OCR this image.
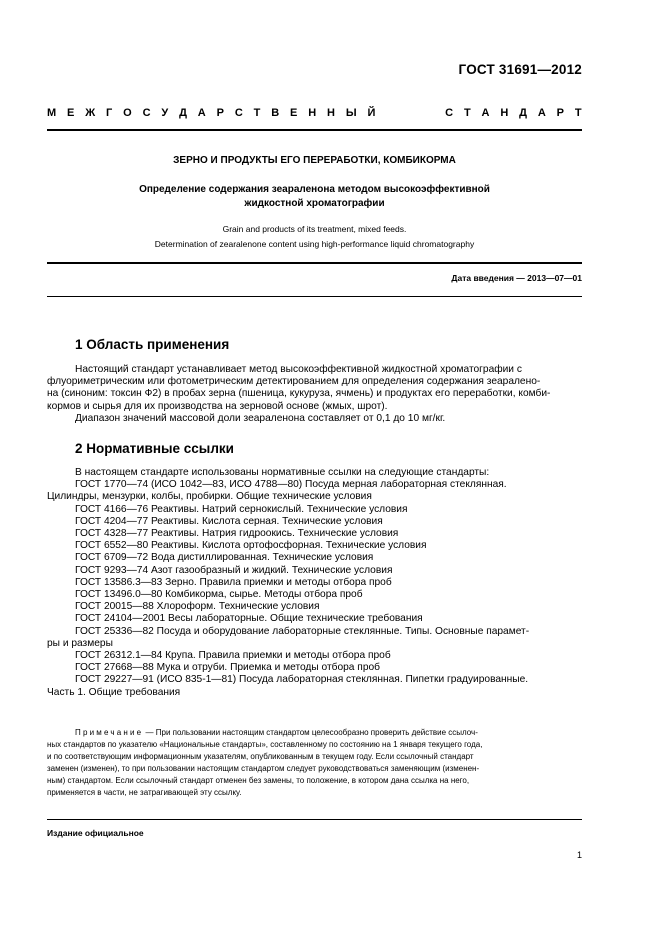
ГОСТ 31691—2012
М Е Ж Г О С У Д А Р С Т В Е Н Н Ы Й	С Т А Н Д А Р Т
ЗЕРНО И ПРОДУКТЫ ЕГО ПЕРЕРАБОТКИ, КОМБИКОРМА
Определение содержания зеараленона методом высокоэффективной
жидкостной хроматографии
Grain and products of its treatment, mixed feeds.
Determination of zearalenone content using high-performance liquid chromatography
Дата введения — 2013—07—01
1 Область применения
Настоящий стандарт устанавливает метод высокоэффективной жидкостной хроматографии с
флуориметрическим или фотометрическим детектированием для определения содержания зеаралено-
на (синоним: токсин Ф2) в пробах зерна (пшеница, кукуруза, ячмень) и продуктах его переработки, комби-
кормов и сырья для их производства на зерновой основе (жмых, шрот).
Диапазон значений массовой доли зеараленона составляет от 0,1 до 10 мг/кг.
2 Нормативные ссылки
В настоящем стандарте использованы нормативные ссылки на следующие стандарты:
ГОСТ 1770—74 (ИСО 1042—83, ИСО 4788—80) Посуда мерная лабораторная стеклянная.
Цилиндры, мензурки, колбы, пробирки. Общие технические условия
ГОСТ 4166—76 Реактивы. Натрий сернокислый. Технические условия
ГОСТ 4204—77 Реактивы. Кислота серная. Технические условия
ГОСТ 4328—77 Реактивы. Натрия гидроокись. Технические условия
ГОСТ 6552—80 Реактивы. Кислота ортофосфорная. Технические условия
ГОСТ 6709—72 Вода дистиллированная. Технические условия
ГОСТ 9293—74 Азот газообразный и жидкий. Технические условия
ГОСТ 13586.3—83 Зерно. Правила приемки и методы отбора проб
ГОСТ 13496.0—80 Комбикорма, сырье. Методы отбора проб
ГОСТ 20015—88 Хлороформ. Технические условия
ГОСТ 24104—2001 Весы лабораторные. Общие технические требования
ГОСТ 25336—82 Посуда и оборудование лабораторные стеклянные. Типы. Основные парамет-
ры и размеры
ГОСТ 26312.1—84 Крупа. Правила приемки и методы отбора проб
ГОСТ 27668—88 Мука и отруби. Приемка и методы отбора проб
ГОСТ 29227—91 (ИСО 835-1—81) Посуда лабораторная стеклянная. Пипетки градуированные.
Часть 1. Общие требования
Примечание — При пользовании настоящим стандартом целесообразно проверить действие ссылоч-
ных стандартов по указателю «Национальные стандарты», составленному по состоянию на 1 января текущего года,
и по соответствующим информационным указателям, опубликованным в текущем году. Если ссылочный стандарт
заменен (изменен), то при пользовании настоящим стандартом следует руководствоваться заменяющим (изменен-
ным) стандартом. Если ссылочный стандарт отменен без замены, то положение, в котором дана ссылка на него,
применяется в части, не затрагивающей эту ссылку.
Издание официальное
1
